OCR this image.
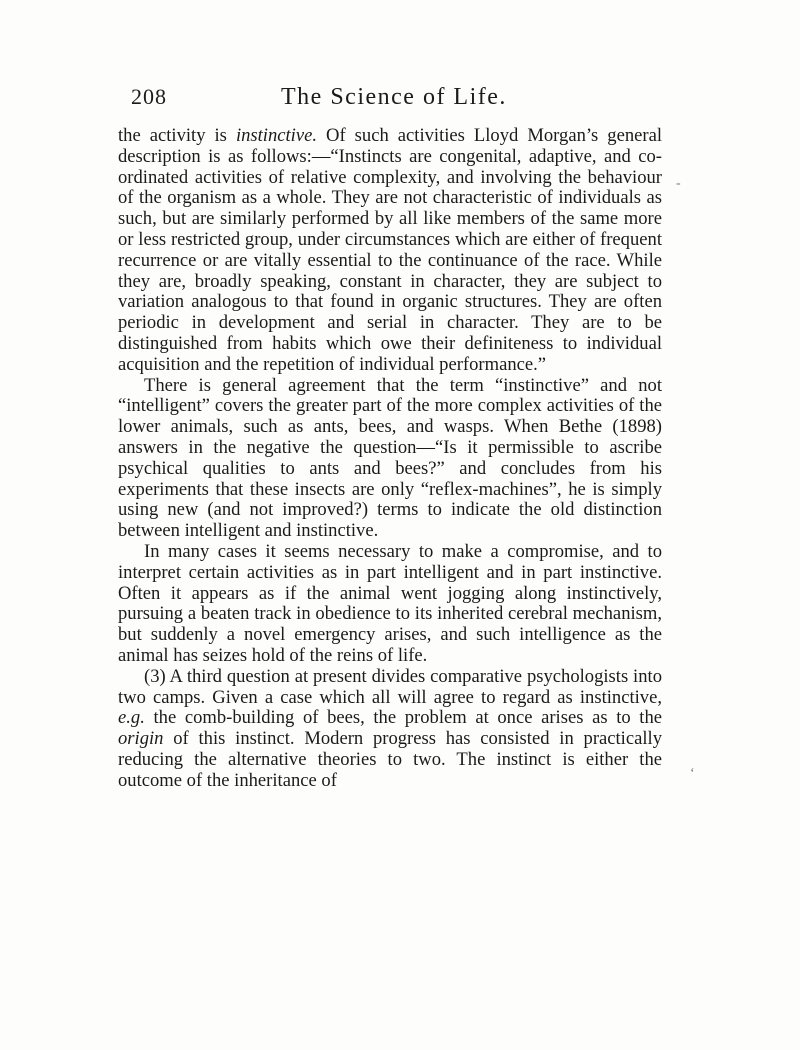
208	The Science of Life.

the activity is instinctive. Of such activities Lloyd Morgan’s general description is as follows:—“Instincts are congenital, adaptive, and co-ordinated activities of relative complexity, and involving the behaviour of the organism as a whole. They are not characteristic of individuals as such, but are similarly performed by all like members of the same more or less restricted group, under circumstances which are either of frequent recurrence or are vitally essential to the continuance of the race. While they are, broadly speaking, constant in character, they are subject to variation analogous to that found in organic structures. They are often periodic in development and serial in character. They are to be distinguished from habits which owe their definiteness to individual acquisition and the repetition of individual performance.”

There is general agreement that the term “instinctive” and not “intelligent” covers the greater part of the more complex activities of the lower animals, such as ants, bees, and wasps. When Bethe (1898) answers in the negative the question—“Is it permissible to ascribe psychical qualities to ants and bees?” and concludes from his experiments that these insects are only “reflex-machines”, he is simply using new (and not improved?) terms to indicate the old distinction between intelligent and instinctive.

In many cases it seems necessary to make a compromise, and to interpret certain activities as in part intelligent and in part instinctive. Often it appears as if the animal went jogging along instinctively, pursuing a beaten track in obedience to its inherited cerebral mechanism, but suddenly a novel emergency arises, and such intelligence as the animal has seizes hold of the reins of life.

(3) A third question at present divides comparative psychologists into two camps. Given a case which all will agree to regard as instinctive, e.g. the comb-building of bees, the problem at once arises as to the origin of this instinct. Modern progress has consisted in practically reducing the alternative theories to two. The instinct is either the outcome of the inheritance of

-
ʻ
